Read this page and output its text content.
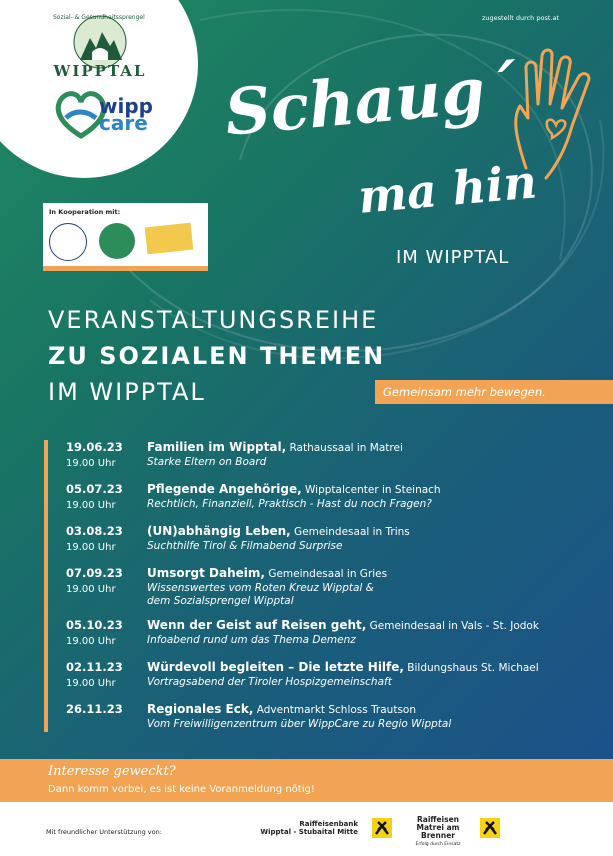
zugestellt durch post.at
Sozial- & Gesundheitssprengel
WIPPTAL
wipp
care
In Kooperation mit:
Schaug´
ma hin
IM WIPPTAL
VERANSTALTUNGSREIHE
ZU SOZIALEN THEMEN
IM WIPPTAL	Gemeinsam mehr bewegen.
19.06.23	Familien im Wipptal, Rathaussaal in Matrei
19.00 Uhr	Starke Eltern on Board
05.07.23	Pflegende Angehörige, Wipptalcenter in Steinach
19.00 Uhr	Rechtlich, Finanziell, Praktisch - Hast du noch Fragen?
03.08.23	(UN)abhängig Leben, Gemeindesaal in Trins
19.00 Uhr	Suchthilfe Tirol & Filmabend Surprise
07.09.23	Umsorgt Daheim, Gemeindesaal in Gries
19.00 Uhr	Wissenswertes vom Roten Kreuz Wipptal &
dem Sozialsprengel Wipptal
05.10.23	Wenn der Geist auf Reisen geht, Gemeindesaal in Vals - St. Jodok
19.00 Uhr	Infoabend rund um das Thema Demenz
02.11.23	Würdevoll begleiten – Die letzte Hilfe, Bildungshaus St. Michael
19.00 Uhr	Vortragsabend der Tiroler Hospizgemeinschaft
26.11.23	Regionales Eck, Adventmarkt Schloss Trautson
Vom Freiwilligenzentrum über WippCare zu Regio Wipptal
Interesse geweckt?
Dann komm vorbei, es ist keine Voranmeldung nötig!
Mit freundlicher Unterstützung von:
Raiffeisenbank
Wipptal - Stubaital Mitte
Raiffeisen
Matrei am Brenner
Erfolg durch Einsatz
